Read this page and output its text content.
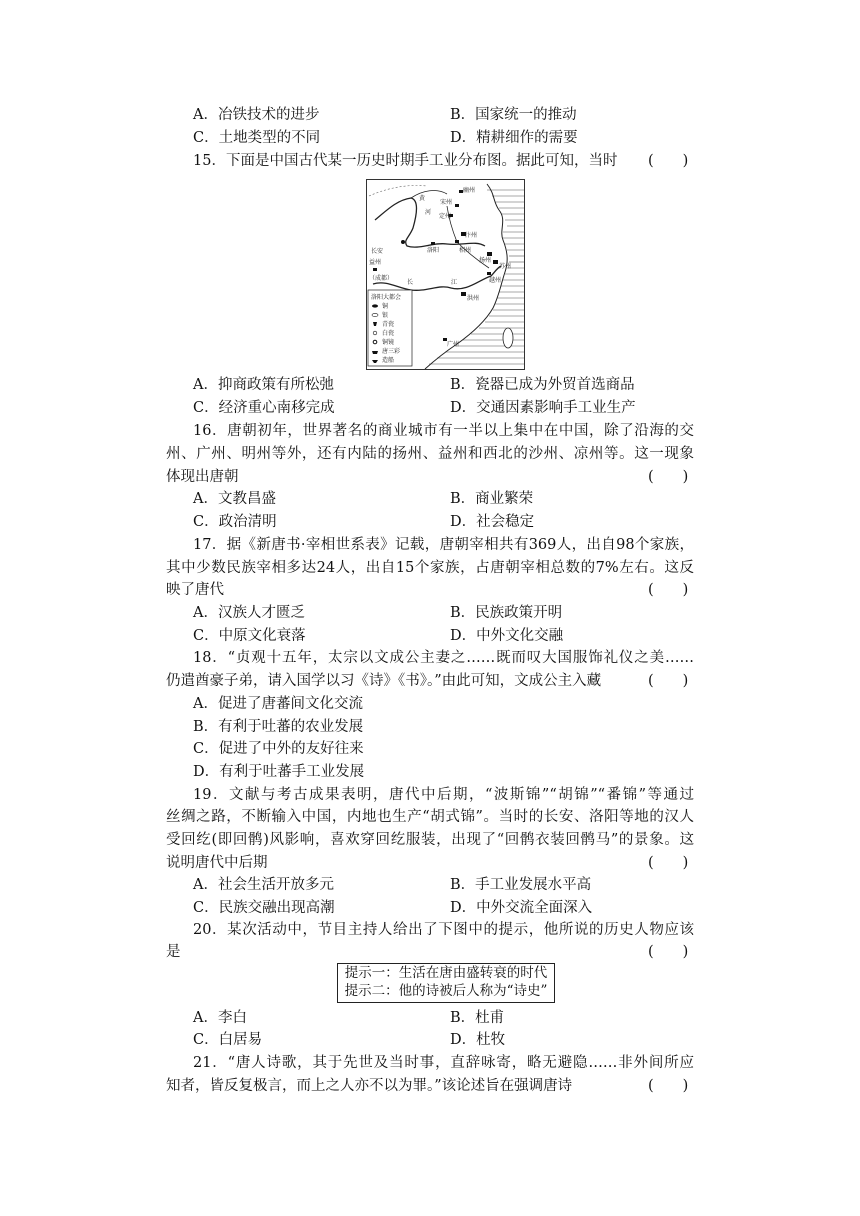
A．冶铁技术的进步	B．国家统一的推动
C．土地类型的不同	D．精耕细作的需要
15．下面是中国古代某一历史时期手工业分布图。据此可知，当时 (　　)
宋州
幽州
定州
汴州
长安	洛阳	相州
扬州
益州
（成都）
苏州
越州
洪州
广州
黄
河
长	江
洛阳大都会
铜
银
青瓷
白瓷
铜镜
唐三彩
造船
A．抑商政策有所松弛	B．瓷器已成为外贸首选商品
C．经济重心南移完成	D．交通因素影响手工业生产
16．唐朝初年，世界著名的商业城市有一半以上集中在中国，除了沿海的交
州、广州、明州等外，还有内陆的扬州、益州和西北的沙州、凉州等。这一现象
体现出唐朝	(　　)
A．文教昌盛	B．商业繁荣
C．政治清明	D．社会稳定
17．据《新唐书·宰相世系表》记载，唐朝宰相共有369人，出自98个家族，
其中少数民族宰相多达24人，出自15个家族，占唐朝宰相总数的7%左右。这反
映了唐代	(　　)
A．汉族人才匮乏	B．民族政策开明
C．中原文化衰落	D．中外文化交融
18．“贞观十五年，太宗以文成公主妻之……既而叹大国服饰礼仪之美……
仍遣酋豪子弟，请入国学以习《诗》《书》。”由此可知，文成公主入藏	(　　)
A．促进了唐蕃间文化交流
B．有利于吐蕃的农业发展
C．促进了中外的友好往来
D．有利于吐蕃手工业发展
19．文献与考古成果表明，唐代中后期，“波斯锦”“胡锦”“番锦”等通过
丝绸之路，不断输入中国，内地也生产“胡式锦”。当时的长安、洛阳等地的汉人
受回纥(即回鹘)风影响，喜欢穿回纥服装，出现了“回鹘衣装回鹘马”的景象。这
说明唐代中后期	(　　)
A．社会生活开放多元	B．手工业发展水平高
C．民族交融出现高潮	D．中外交流全面深入
20．某次活动中，节目主持人给出了下图中的提示，他所说的历史人物应该
是	(　　)
提示一：生活在唐由盛转衰的时代
提示二：他的诗被后人称为“诗史”
A．李白	B．杜甫
C．白居易	D．杜牧
21．“唐人诗歌，其于先世及当时事，直辞咏寄，略无避隐……非外间所应
知者，皆反复极言，而上之人亦不以为罪。”该论述旨在强调唐诗	(　　)
